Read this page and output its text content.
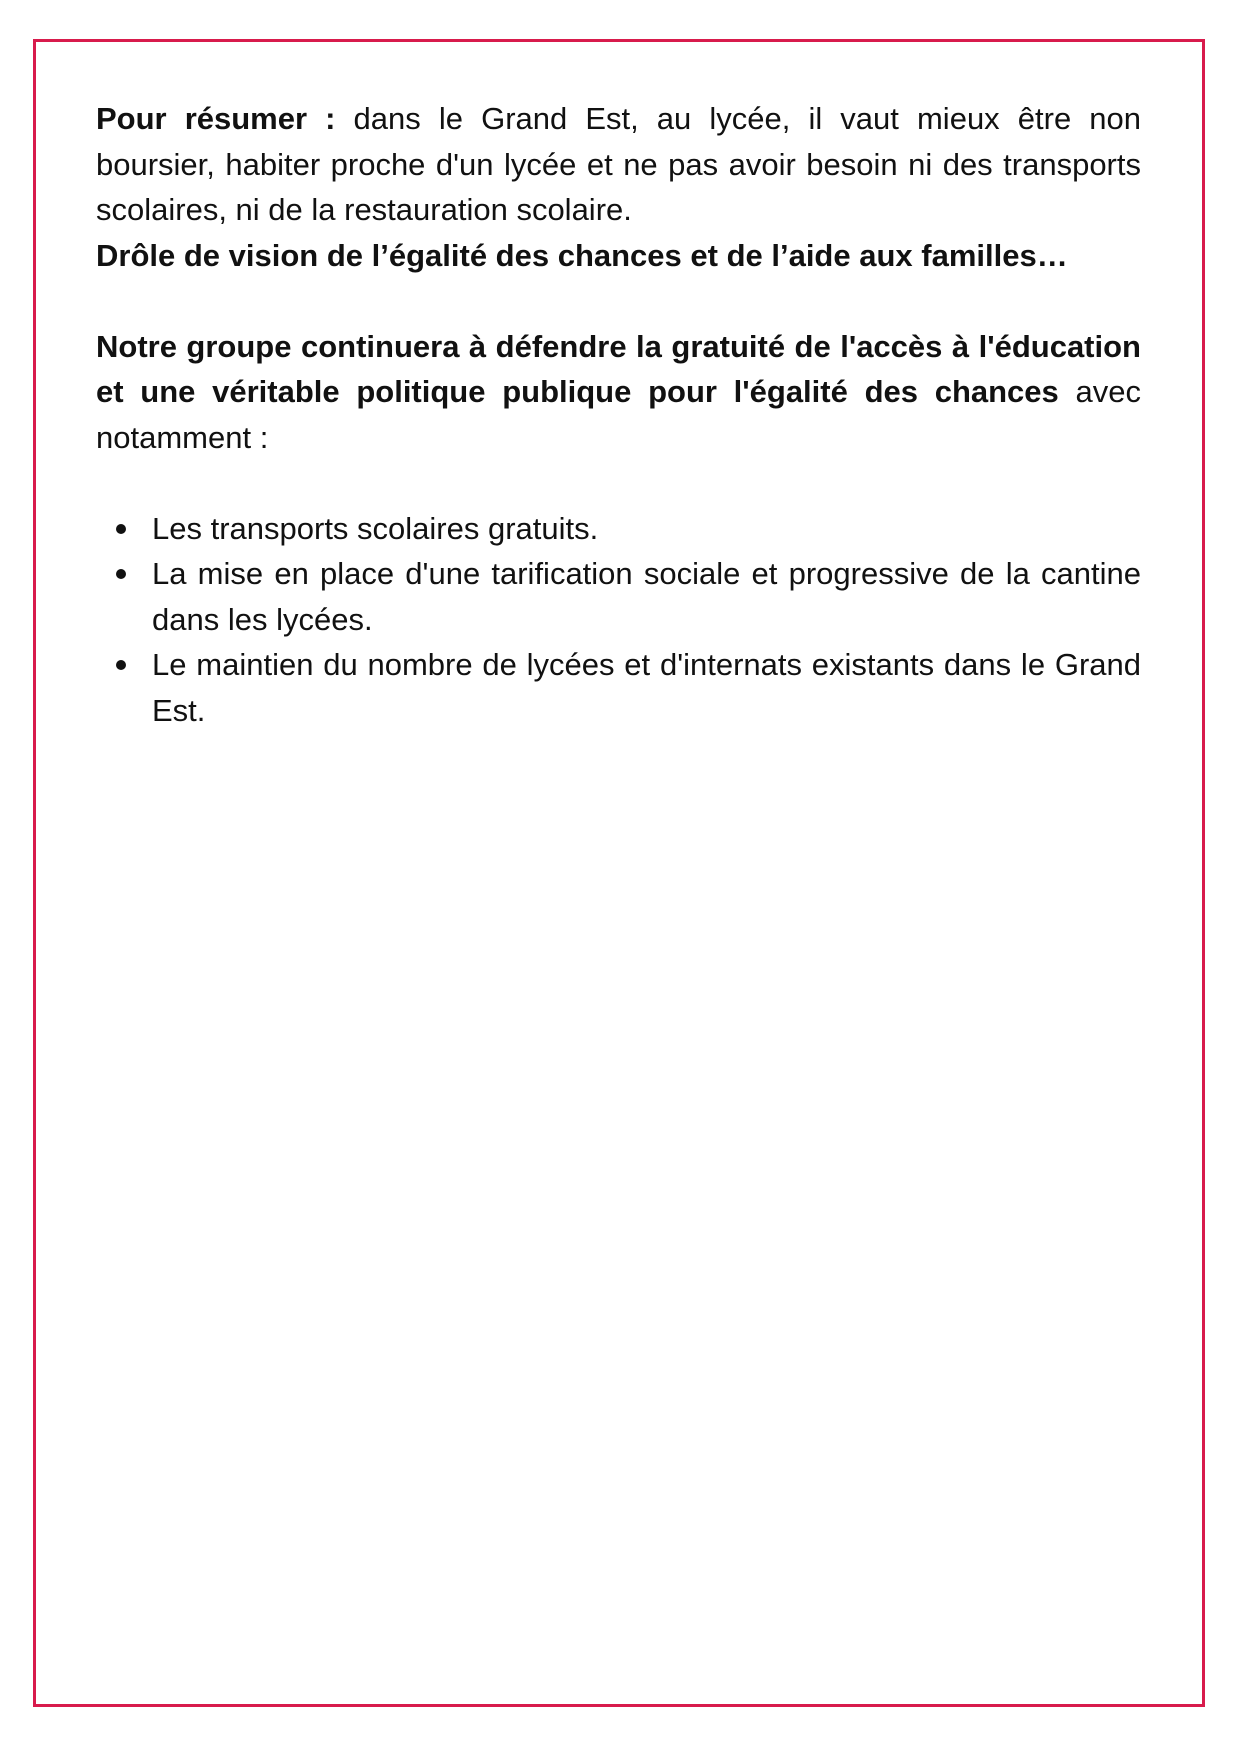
Pour résumer : dans le Grand Est, au lycée, il vaut mieux être non boursier, habiter proche d'un lycée et ne pas avoir besoin ni des transports scolaires, ni de la restauration scolaire.

Drôle de vision de l’égalité des chances et de l’aide aux familles…

Notre groupe continuera à défendre la gratuité de l'accès à l'éducation et une véritable politique publique pour l'égalité des chances avec notamment :

Les transports scolaires gratuits.
La mise en place d'une tarification sociale et progressive de la cantine dans les lycées.
Le maintien du nombre de lycées et d'internats existants dans le Grand Est.
